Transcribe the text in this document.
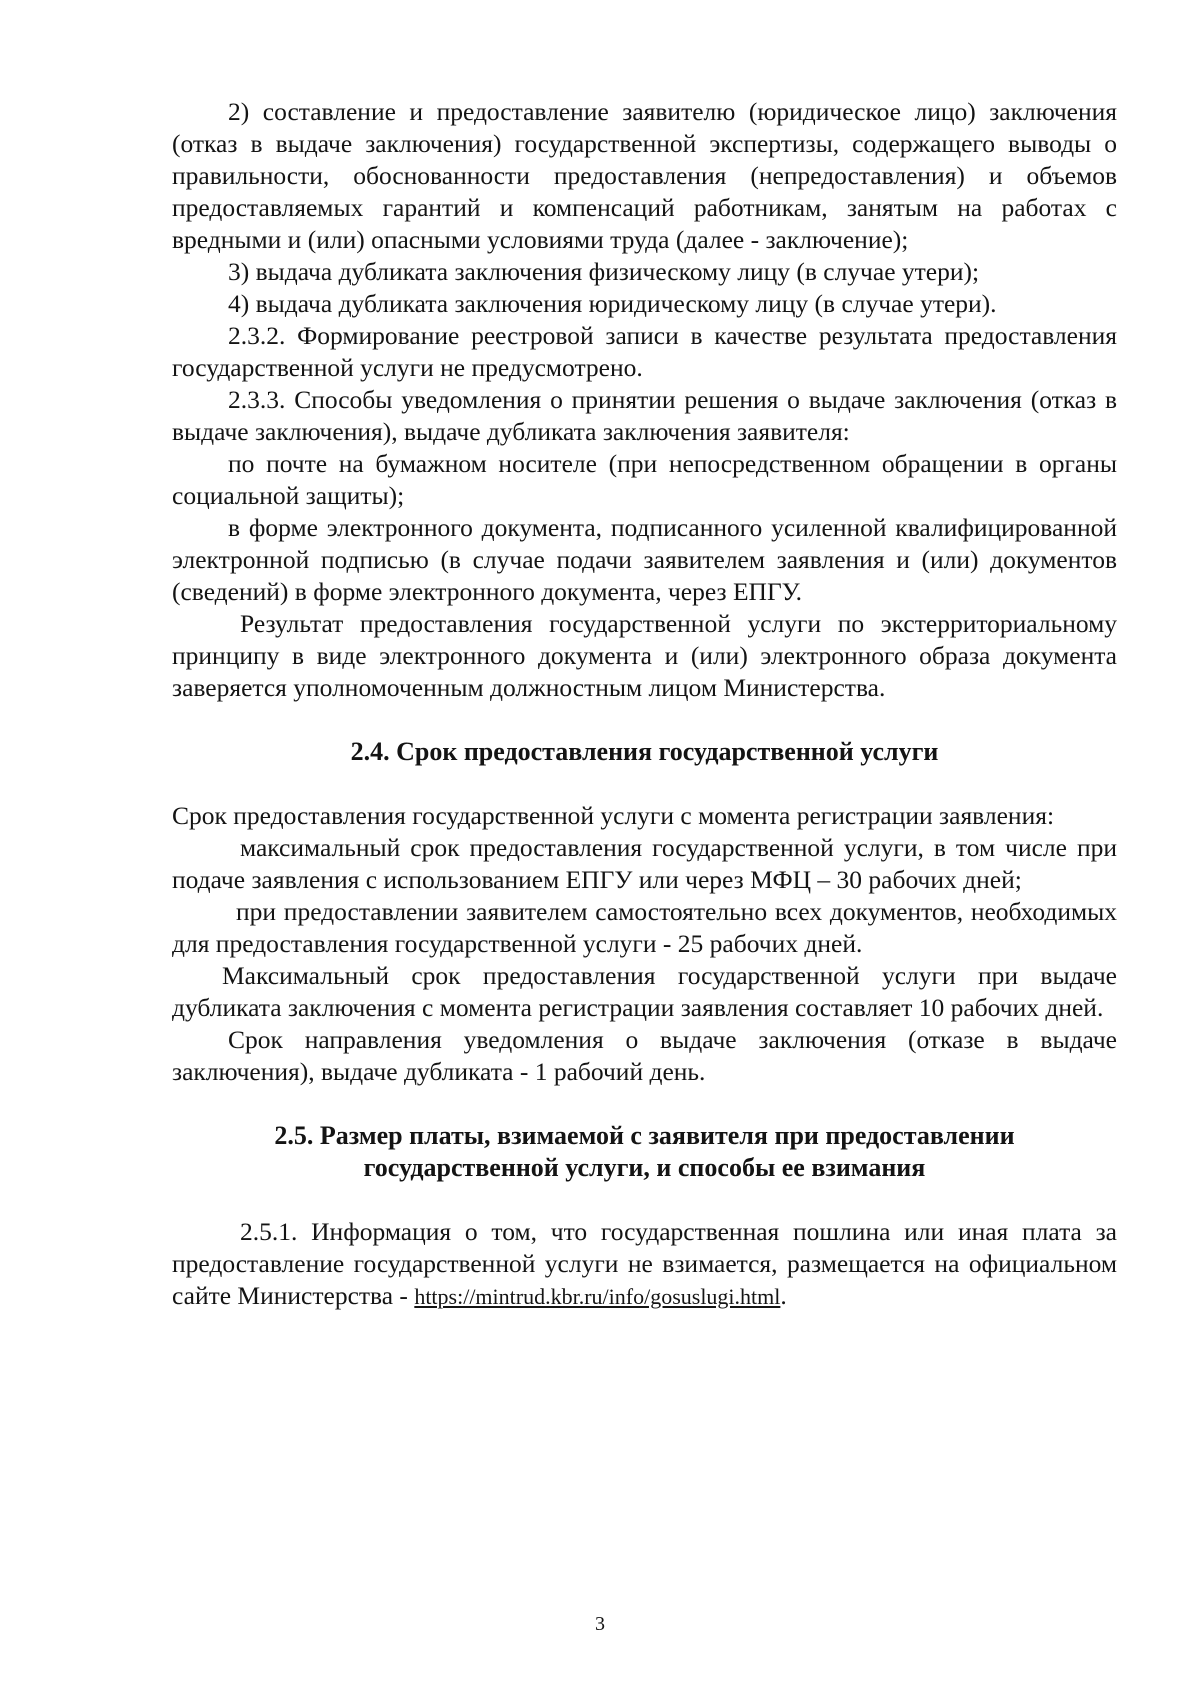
2) составление и предоставление заявителю (юридическое лицо) заключения (отказ в выдаче заключения) государственной экспертизы, содержащего выводы о правильности, обоснованности предоставления (непредоставления) и объемов предоставляемых гарантий и компенсаций работникам, занятым на работах с вредными и (или) опасными условиями труда (далее - заключение);

3) выдача дубликата заключения физическому лицу (в случае утери);

4) выдача дубликата заключения юридическому лицу (в случае утери).

2.3.2. Формирование реестровой записи в качестве результата предоставления государственной услуги не предусмотрено.

2.3.3. Способы уведомления о принятии решения о выдаче заключения (отказ в выдаче заключения), выдаче дубликата заключения заявителя:

по почте на бумажном носителе (при непосредственном обращении в органы социальной защиты);

в форме электронного документа, подписанного усиленной квалифицированной электронной подписью (в случае подачи заявителем заявления и (или) документов (сведений) в форме электронного документа, через ЕПГУ.

Результат предоставления государственной услуги по экстерриториальному принципу в виде электронного документа и (или) электронного образа документа заверяется уполномоченным должностным лицом Министерства.

2.4. Срок предоставления государственной услуги

Срок предоставления государственной услуги с момента регистрации заявления:

максимальный срок предоставления государственной услуги, в том числе при подаче заявления с использованием ЕПГУ или через МФЦ – 30 рабочих дней;

при предоставлении заявителем самостоятельно всех документов, необходимых для предоставления государственной услуги - 25 рабочих дней.

Максимальный срок предоставления государственной услуги при выдаче дубликата заключения с момента регистрации заявления составляет 10 рабочих дней.

Срок направления уведомления о выдаче заключения (отказе в выдаче заключения), выдаче дубликата - 1 рабочий день.

2.5. Размер платы, взимаемой с заявителя при предоставлении государственной услуги, и способы ее взимания

2.5.1. Информация о том, что государственная пошлина или иная плата за предоставление государственной услуги не взимается, размещается на официальном сайте Министерства - https://mintrud.kbr.ru/info/gosuslugi.html.

3
